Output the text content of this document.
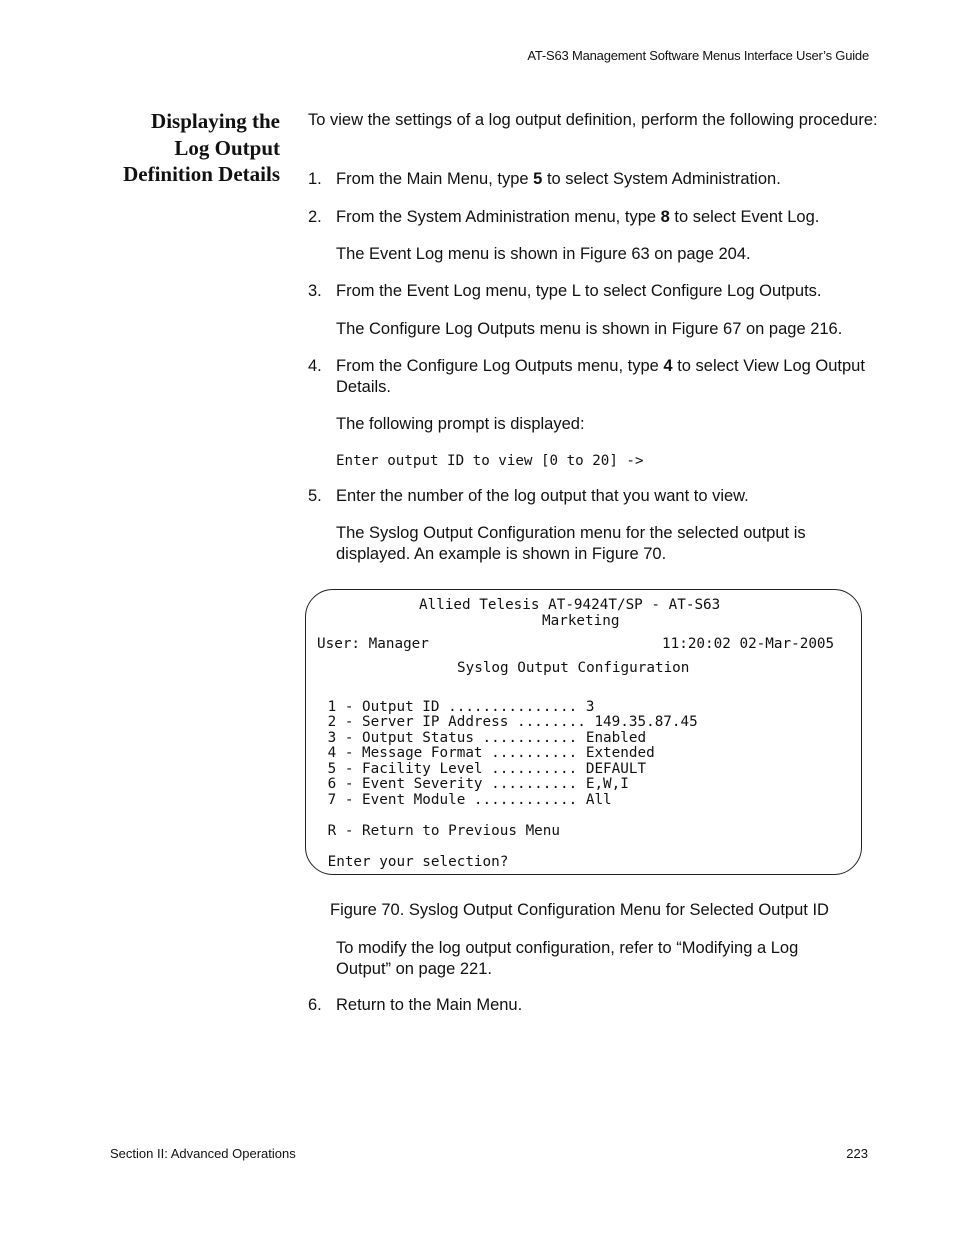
AT-S63 Management Software Menus Interface User’s Guide
Displaying the
Log Output
Definition Details
To view the settings of a log output definition, perform the following procedure:
1. From the Main Menu, type 5 to select System Administration.
2. From the System Administration menu, type 8 to select Event Log.
The Event Log menu is shown in Figure 63 on page 204.
3. From the Event Log menu, type L to select Configure Log Outputs.
The Configure Log Outputs menu is shown in Figure 67 on page 216.
4. From the Configure Log Outputs menu, type 4 to select View Log Output Details.
The following prompt is displayed:
Enter output ID to view [0 to 20] ->
5. Enter the number of the log output that you want to view.
The Syslog Output Configuration menu for the selected output is displayed. An example is shown in Figure 70.
Allied Telesis AT-9424T/SP - AT-S63
Marketing
User: Manager	11:20:02 02-Mar-2005
Syslog Output Configuration
1 - Output ID ............... 3
2 - Server IP Address ........ 149.35.87.45
3 - Output Status ........... Enabled
4 - Message Format .......... Extended
5 - Facility Level .......... DEFAULT
6 - Event Severity .......... E,W,I
7 - Event Module ............ All
R - Return to Previous Menu
Enter your selection?
Figure 70. Syslog Output Configuration Menu for Selected Output ID
To modify the log output configuration, refer to “Modifying a Log Output” on page 221.
6. Return to the Main Menu.
Section II: Advanced Operations	223
